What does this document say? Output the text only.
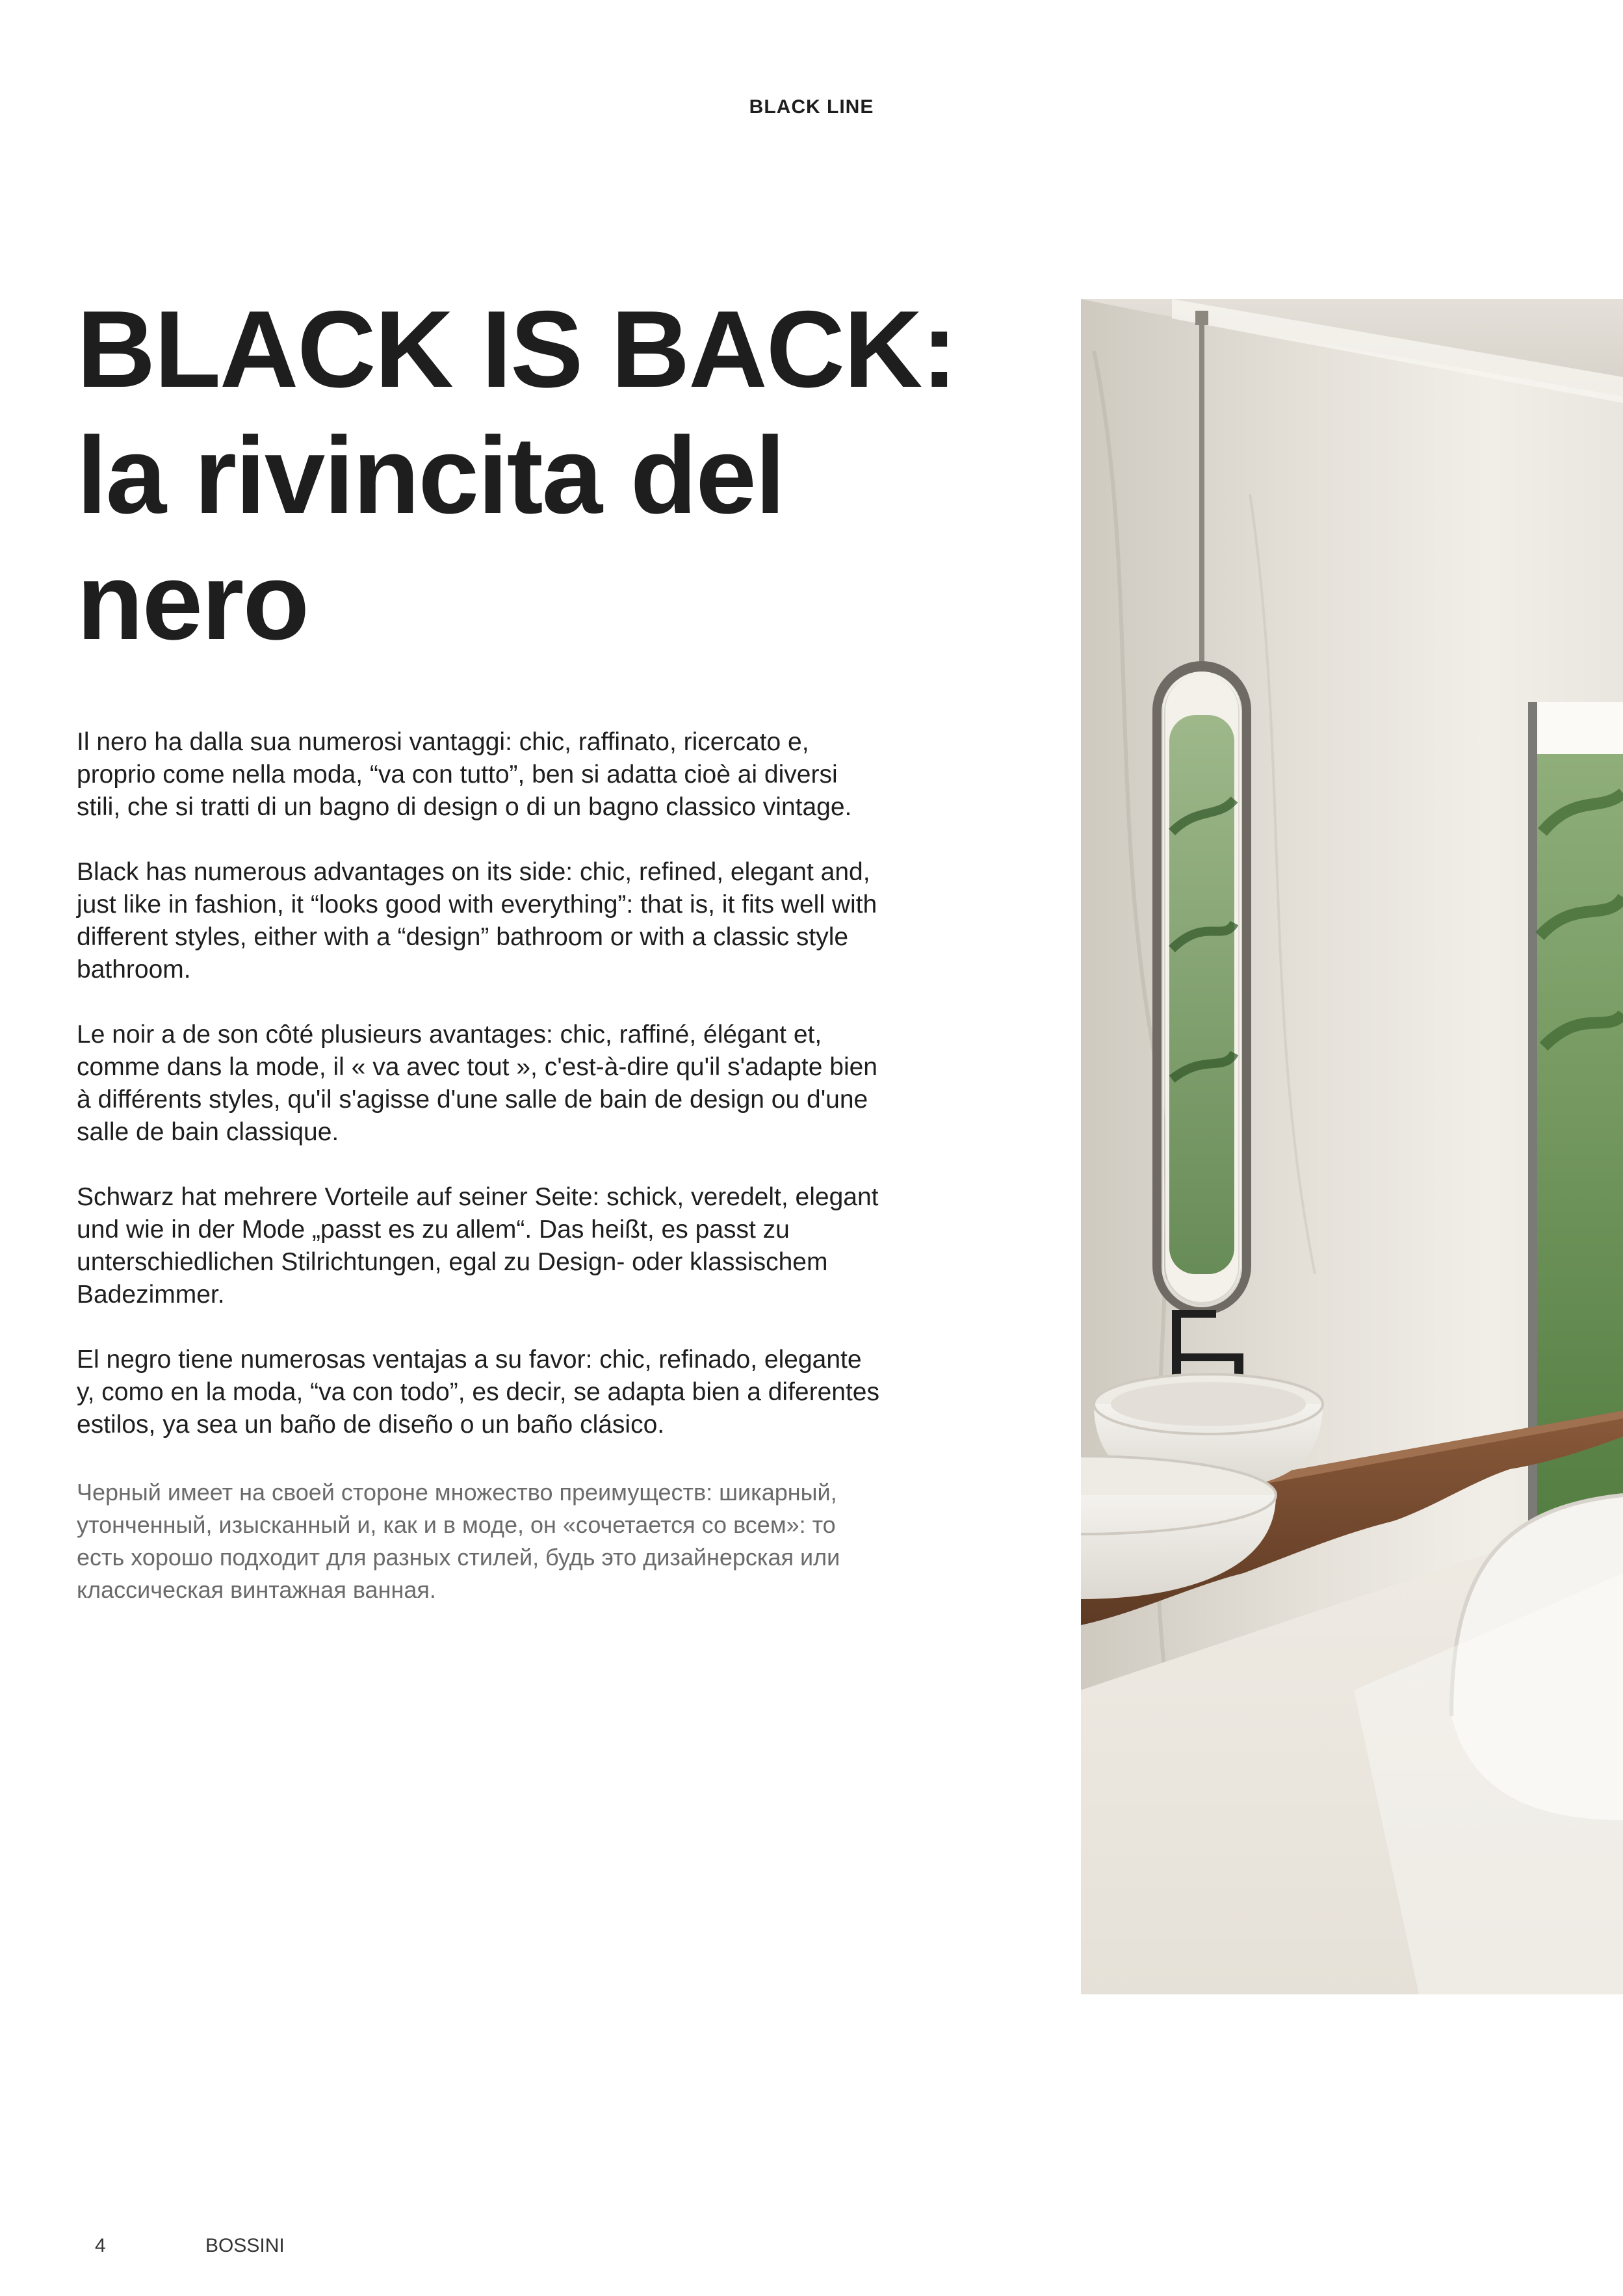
BLACK LINE

BLACK IS BACK:
la rivincita del
nero

Il nero ha dalla sua numerosi vantaggi: chic, raffinato, ricercato e, proprio come nella moda, “va con tutto”, ben si adatta cioè ai diversi stili, che si tratti di un bagno di design o di un bagno classico vintage.

Black has numerous advantages on its side: chic, refined, elegant and, just like in fashion, it “looks good with everything”: that is, it fits well with different styles, either with a “design” bathroom or with a classic style bathroom.

Le noir a de son côté plusieurs avantages: chic, raffiné, élégant et, comme dans la mode, il « va avec tout », c'est-à-dire qu'il s'adapte bien à différents styles, qu'il s'agisse d'une salle de bain de design ou d'une salle de bain classique.

Schwarz hat mehrere Vorteile auf seiner Seite: schick, veredelt, elegant und wie in der Mode „passt es zu allem“. Das heißt, es passt zu unterschiedlichen Stilrichtungen, egal zu Design- oder klassischem Badezimmer.

El negro tiene numerosas ventajas a su favor: chic, refinado, elegante y, como en la moda, “va con todo”, es decir, se adapta bien a diferentes estilos, ya sea un baño de diseño o un baño clásico.

Черный имеет на своей стороне множество преимуществ: шикарный, утонченный, изысканный и, как и в моде, он «сочетается со всем»: то есть хорошо подходит для разных стилей, будь это дизайнерская или классическая винтажная ванная.

4	BOSSINI
